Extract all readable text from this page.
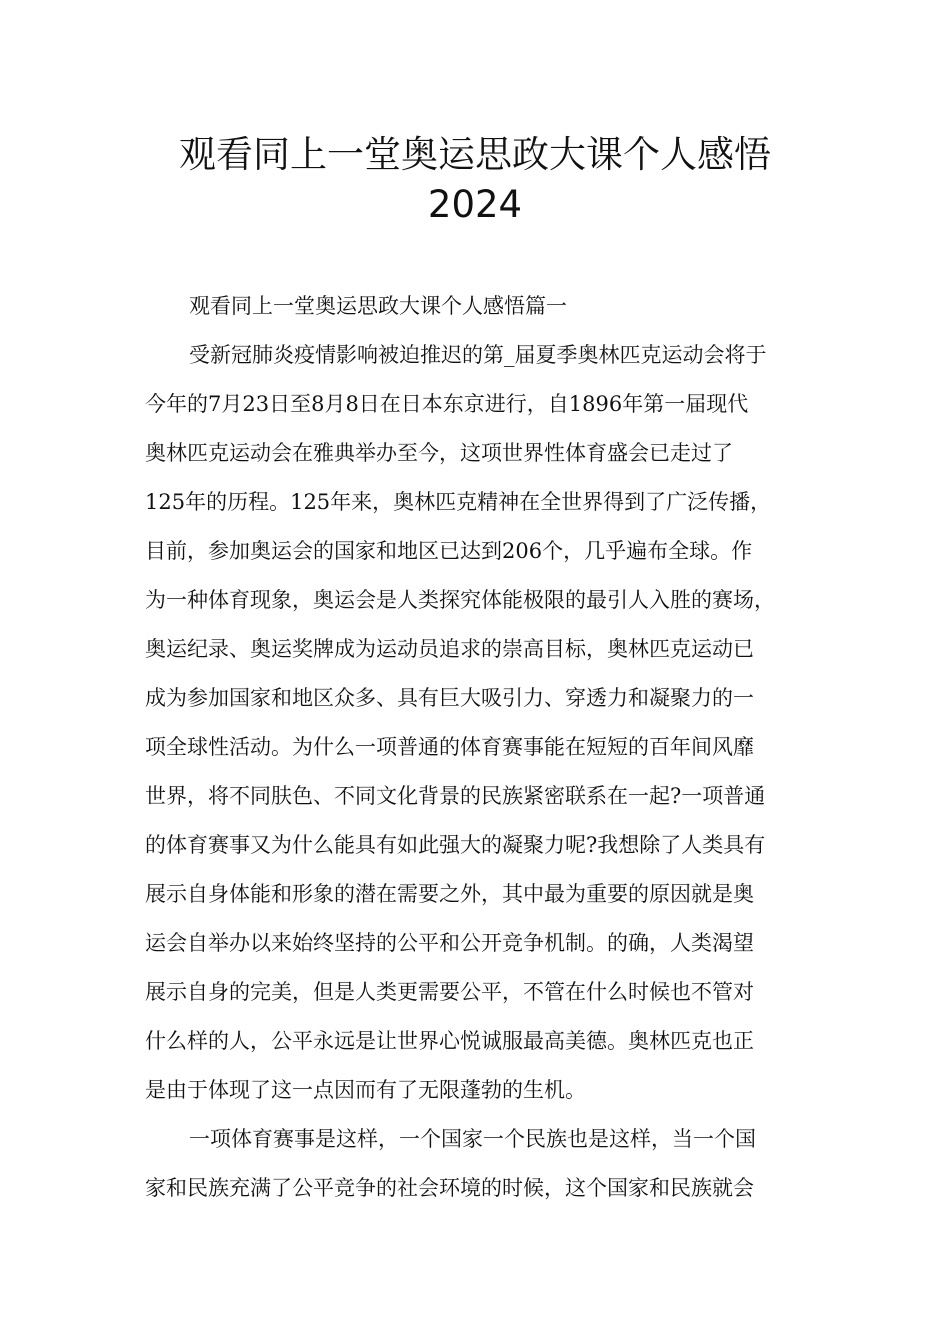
观看同上一堂奥运思政大课个人感悟
2024
观看同上一堂奥运思政大课个人感悟篇一
受新冠肺炎疫情影响被迫推迟的第_届夏季奥林匹克运动会将于
今年的7月23日至8月8日在日本东京进行，自1896年第一届现代
奥林匹克运动会在雅典举办至今，这项世界性体育盛会已走过了
125年的历程。125年来，奥林匹克精神在全世界得到了广泛传播，
目前，参加奥运会的国家和地区已达到206个，几乎遍布全球。作
为一种体育现象，奥运会是人类探究体能极限的最引人入胜的赛场，
奥运纪录、奥运奖牌成为运动员追求的崇高目标，奥林匹克运动已
成为参加国家和地区众多、具有巨大吸引力、穿透力和凝聚力的一
项全球性活动。为什么一项普通的体育赛事能在短短的百年间风靡
世界，将不同肤色、不同文化背景的民族紧密联系在一起?一项普通
的体育赛事又为什么能具有如此强大的凝聚力呢?我想除了人类具有
展示自身体能和形象的潜在需要之外，其中最为重要的原因就是奥
运会自举办以来始终坚持的公平和公开竞争机制。的确，人类渴望
展示自身的完美，但是人类更需要公平，不管在什么时候也不管对
什么样的人，公平永远是让世界心悦诚服最高美德。奥林匹克也正
是由于体现了这一点因而有了无限蓬勃的生机。
一项体育赛事是这样，一个国家一个民族也是这样，当一个国
家和民族充满了公平竞争的社会环境的时候，这个国家和民族就会
